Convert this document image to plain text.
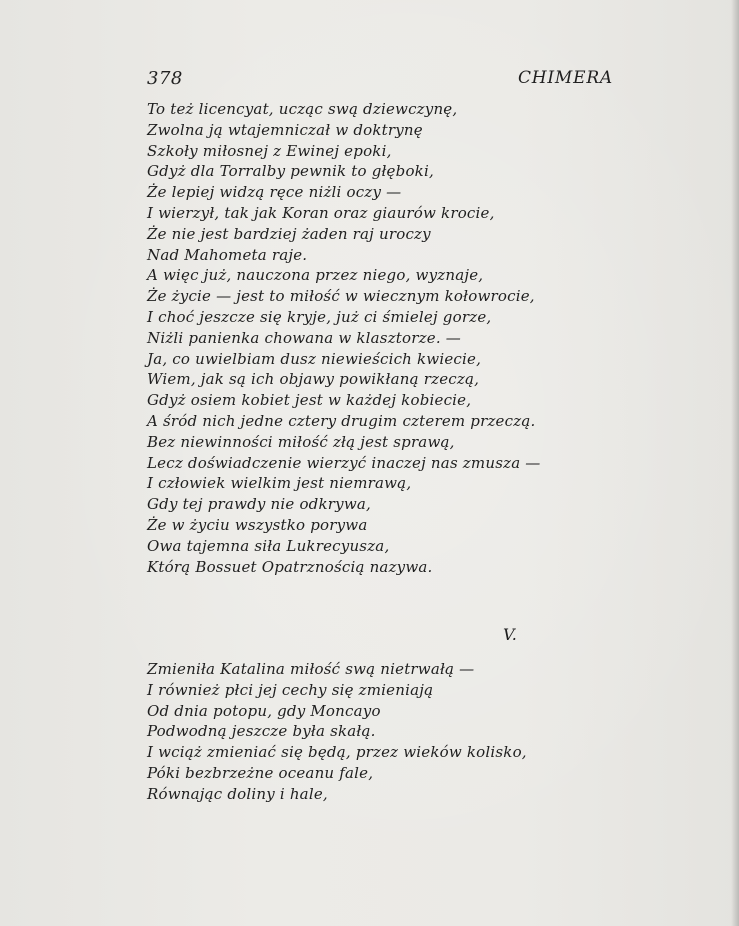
378	CHIMERA
To też licencyat, ucząc swą dziewczynę,
Zwolna ją wtajemniczał w doktrynę
Szkoły miłosnej z Ewinej epoki,
Gdyż dla Torralby pewnik to głęboki,
Że lepiej widzą ręce niżli oczy —
I wierzył, tak jak Koran oraz giaurów krocie,
Że nie jest bardziej żaden raj uroczy
Nad Mahometa raje.
A więc już, nauczona przez niego, wyznaje,
Że życie — jest to miłość w wiecznym kołowrocie,
I choć jeszcze się kryje, już ci śmielej gorze,
Niżli panienka chowana w klasztorze. —
Ja, co uwielbiam dusz niewieścich kwiecie,
Wiem, jak są ich objawy powikłaną rzeczą,
Gdyż osiem kobiet jest w każdej kobiecie,
A śród nich jedne cztery drugim czterem przeczą.
Bez niewinności miłość złą jest sprawą,
Lecz doświadczenie wierzyć inaczej nas zmusza —
I człowiek wielkim jest niemrawą,
Gdy tej prawdy nie odkrywa,
Że w życiu wszystko porywa
Owa tajemna siła Lukrecyusza,
Którą Bossuet Opatrznością nazywa.
V.
Zmieniła Katalina miłość swą nietrwałą —
I również płci jej cechy się zmieniają
Od dnia potopu, gdy Moncayo
Podwodną jeszcze była skałą.
I wciąż zmieniać się będą, przez wieków kolisko,
Póki bezbrzeżne oceanu fale,
Równając doliny i hale,
